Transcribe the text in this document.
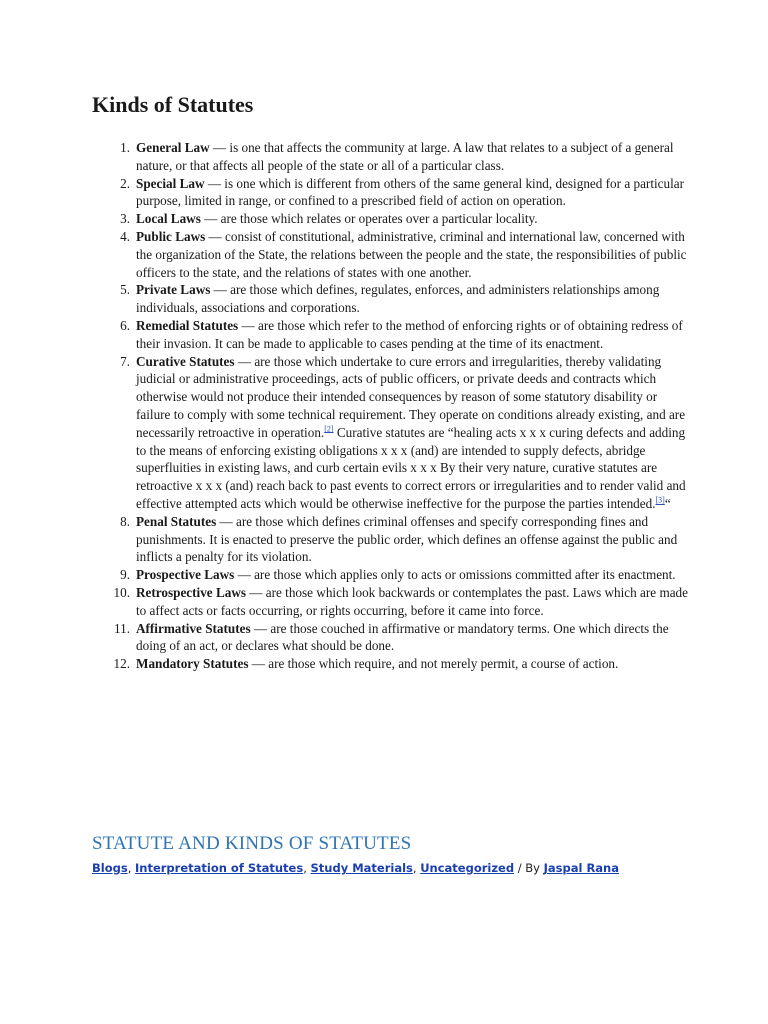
Kinds of Statutes
1. General Law — is one that affects the community at large. A law that relates to a subject of a general nature, or that affects all people of the state or all of a particular class.
2. Special Law — is one which is different from others of the same general kind, designed for a particular purpose, limited in range, or confined to a prescribed field of action on operation.
3. Local Laws — are those which relates or operates over a particular locality.
4. Public Laws — consist of constitutional, administrative, criminal and international law, concerned with the organization of the State, the relations between the people and the state, the responsibilities of public officers to the state, and the relations of states with one another.
5. Private Laws — are those which defines, regulates, enforces, and administers relationships among individuals, associations and corporations.
6. Remedial Statutes — are those which refer to the method of enforcing rights or of obtaining redress of their invasion. It can be made to applicable to cases pending at the time of its enactment.
7. Curative Statutes — are those which undertake to cure errors and irregularities, thereby validating judicial or administrative proceedings, acts of public officers, or private deeds and contracts which otherwise would not produce their intended consequences by reason of some statutory disability or failure to comply with some technical requirement. They operate on conditions already existing, and are necessarily retroactive in operation.[2] Curative statutes are “healing acts x x x curing defects and adding to the means of enforcing existing obligations x x x (and) are intended to supply defects, abridge superfluities in existing laws, and curb certain evils x x x By their very nature, curative statutes are retroactive x x x (and) reach back to past events to correct errors or irregularities and to render valid and effective attempted acts which would be otherwise ineffective for the purpose the parties intended.[3]“
8. Penal Statutes — are those which defines criminal offenses and specify corresponding fines and punishments. It is enacted to preserve the public order, which defines an offense against the public and inflicts a penalty for its violation.
9. Prospective Laws — are those which applies only to acts or omissions committed after its enactment.
10. Retrospective Laws — are those which look backwards or contemplates the past. Laws which are made to affect acts or facts occurring, or rights occurring, before it came into force.
11. Affirmative Statutes — are those couched in affirmative or mandatory terms. One which directs the doing of an act, or declares what should be done.
12. Mandatory Statutes — are those which require, and not merely permit, a course of action.
STATUTE AND KINDS OF STATUTES
Blogs, Interpretation of Statutes, Study Materials, Uncategorized / By Jaspal Rana
